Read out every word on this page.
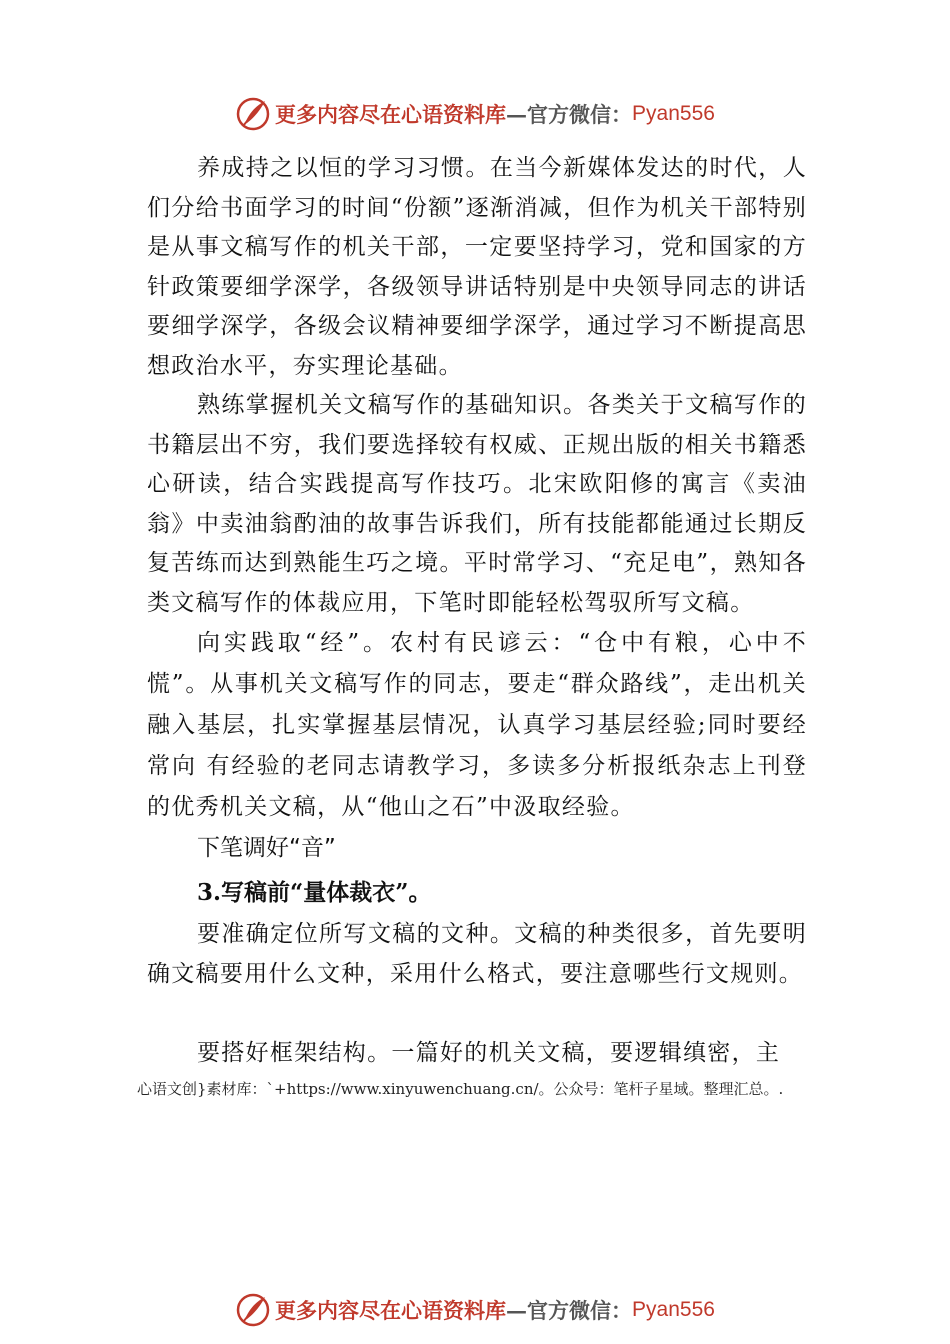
更多内容尽在心语资料库 —官方微信： Pyan556

养成持之以恒的学习习惯。在当今新媒体发达的时代，人们分给书面学习的时间“份额”逐渐消减，但作为机关干部特别是从事文稿写作的机关干部，一定要坚持学习，党和国家的方针政策要细学深学，各级领导讲话特别是中央领导同志的讲话要细学深学，各级会议精神要细学深学，通过学习不断提高思想政治水平，夯实理论基础。

熟练掌握机关文稿写作的基础知识。各类关于文稿写作的书籍层出不穷，我们要选择较有权威、正规出版的相关书籍悉心研读，结合实践提高写作技巧。北宋欧阳修的寓言《卖油翁》中卖油翁酌油的故事告诉我们，所有技能都能通过长期反复苦练而达到熟能生巧之境。平时常学习、“充足电”，熟知各类文稿写作的体裁应用，下笔时即能轻松驾驭所写文稿。

向实践取“经”。农村有民谚云：“仓中有粮，心中不慌”。从事机关文稿写作的同志，要走“群众路线”，走出机关融入基层，扎实掌握基层情况，认真学习基层经验;同时要经常向 有经验的老同志请教学习，多读多分析报纸杂志上刊登的优秀机关文稿，从“他山之石”中汲取经验。

下笔调好“音”

3.写稿前“量体裁衣”。

要准确定位所写文稿的文种。文稿的种类很多，首先要明确文稿要用什么文种，采用什么格式，要注意哪些行文规则。

要搭好框架结构。一篇好的机关文稿，要逻辑缜密，主

心语文创}素材库：`+https://www.xinyuwenchuang.cn/。公众号：笔杆子星域。整理汇总。.

更多内容尽在心语资料库 —官方微信： Pyan556
